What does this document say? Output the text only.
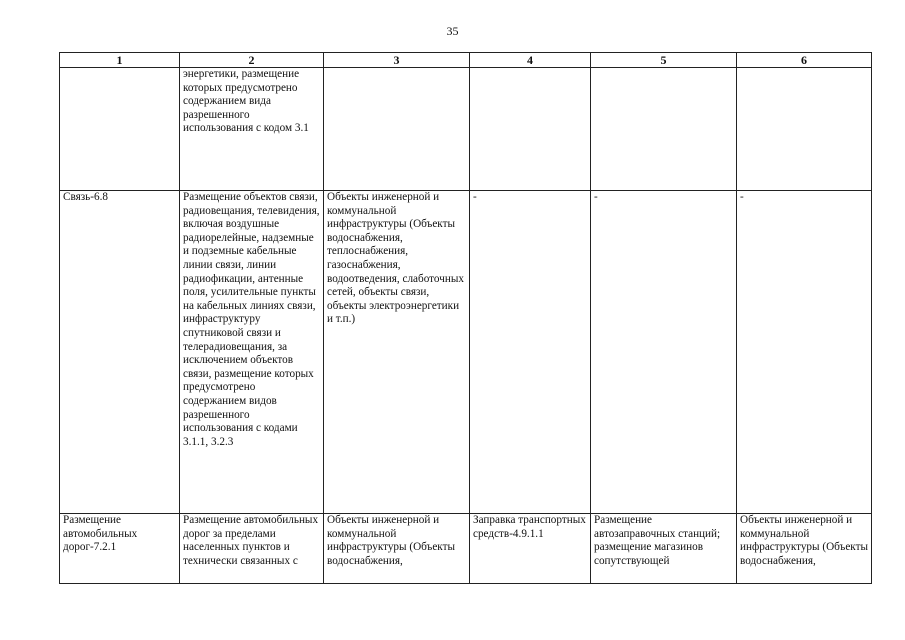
35
1	2	3	4	5	6
	энергетики, размещение которых предусмотрено содержанием вида разрешенного использования с кодом 3.1				
Связь-6.8	Размещение объектов связи, радиовещания, телевидения, включая воздушные радиорелейные, надземные и подземные кабельные линии связи, линии радиофикации, антенные поля, усилительные пункты на кабельных линиях связи, инфраструктуру спутниковой связи и телерадиовещания, за исключением объектов связи, размещение которых предусмотрено содержанием видов разрешенного использования с кодами 3.1.1, 3.2.3	Объекты инженерной и коммунальной инфраструктуры (Объекты водоснабжения, теплоснабжения, газоснабжения, водоотведения, слаботочных сетей, объекты связи, объекты электроэнергетики и т.п.)	-	-	-
Размещение автомобильных дорог-7.2.1	Размещение автомобильных дорог за пределами населенных пунктов и технически связанных с	Объекты инженерной и коммунальной инфраструктуры (Объекты водоснабжения,	Заправка транспортных средств-4.9.1.1	Размещение автозаправочных станций; размещение магазинов сопутствующей	Объекты инженерной и коммунальной инфраструктуры (Объекты водоснабжения,
